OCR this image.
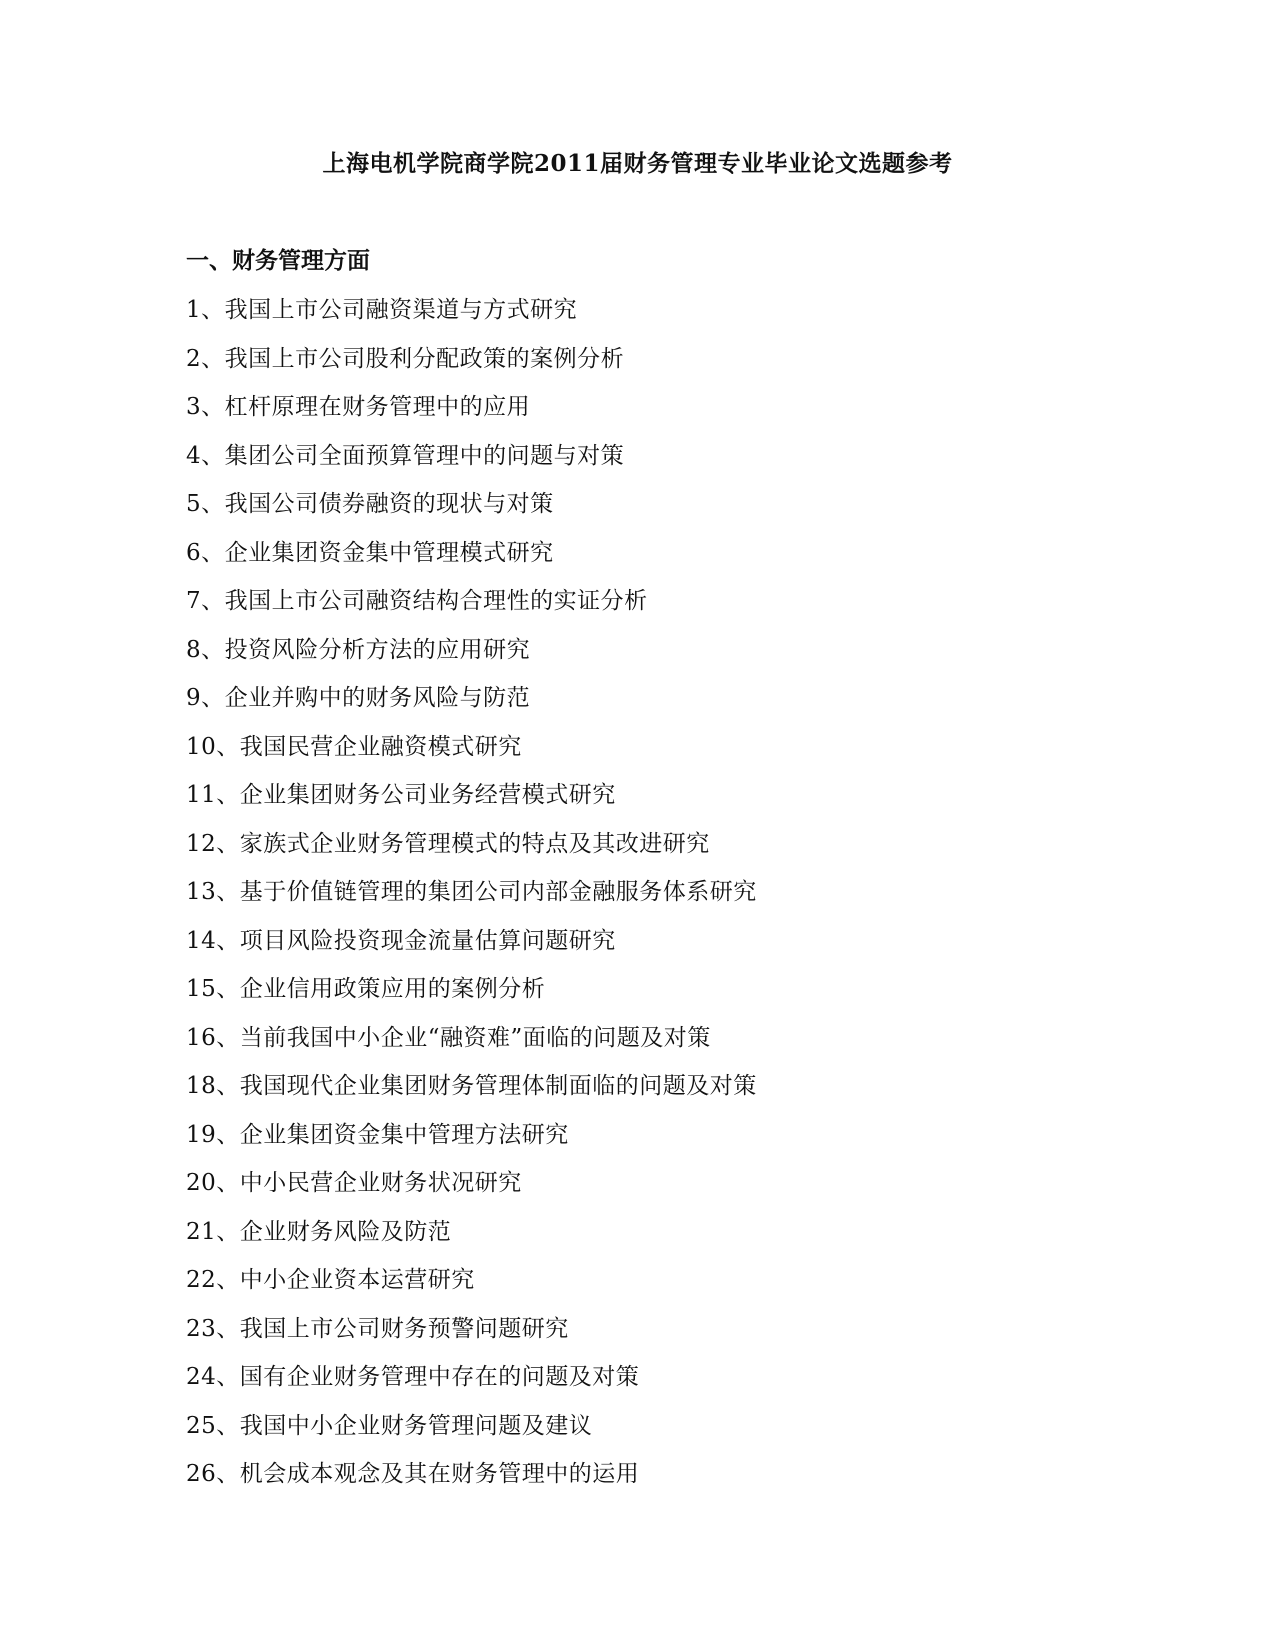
上海电机学院商学院2011届财务管理专业毕业论文选题参考
一、财务管理方面
1、我国上市公司融资渠道与方式研究
2、我国上市公司股利分配政策的案例分析
3、杠杆原理在财务管理中的应用
4、集团公司全面预算管理中的问题与对策
5、我国公司债券融资的现状与对策
6、企业集团资金集中管理模式研究
7、我国上市公司融资结构合理性的实证分析
8、投资风险分析方法的应用研究
9、企业并购中的财务风险与防范
10、我国民营企业融资模式研究
11、企业集团财务公司业务经营模式研究
12、家族式企业财务管理模式的特点及其改进研究
13、基于价值链管理的集团公司内部金融服务体系研究
14、项目风险投资现金流量估算问题研究
15、企业信用政策应用的案例分析
16、当前我国中小企业“融资难”面临的问题及对策
18、我国现代企业集团财务管理体制面临的问题及对策
19、企业集团资金集中管理方法研究
20、中小民营企业财务状况研究
21、企业财务风险及防范
22、中小企业资本运营研究
23、我国上市公司财务预警问题研究
24、国有企业财务管理中存在的问题及对策
25、我国中小企业财务管理问题及建议
26、机会成本观念及其在财务管理中的运用
